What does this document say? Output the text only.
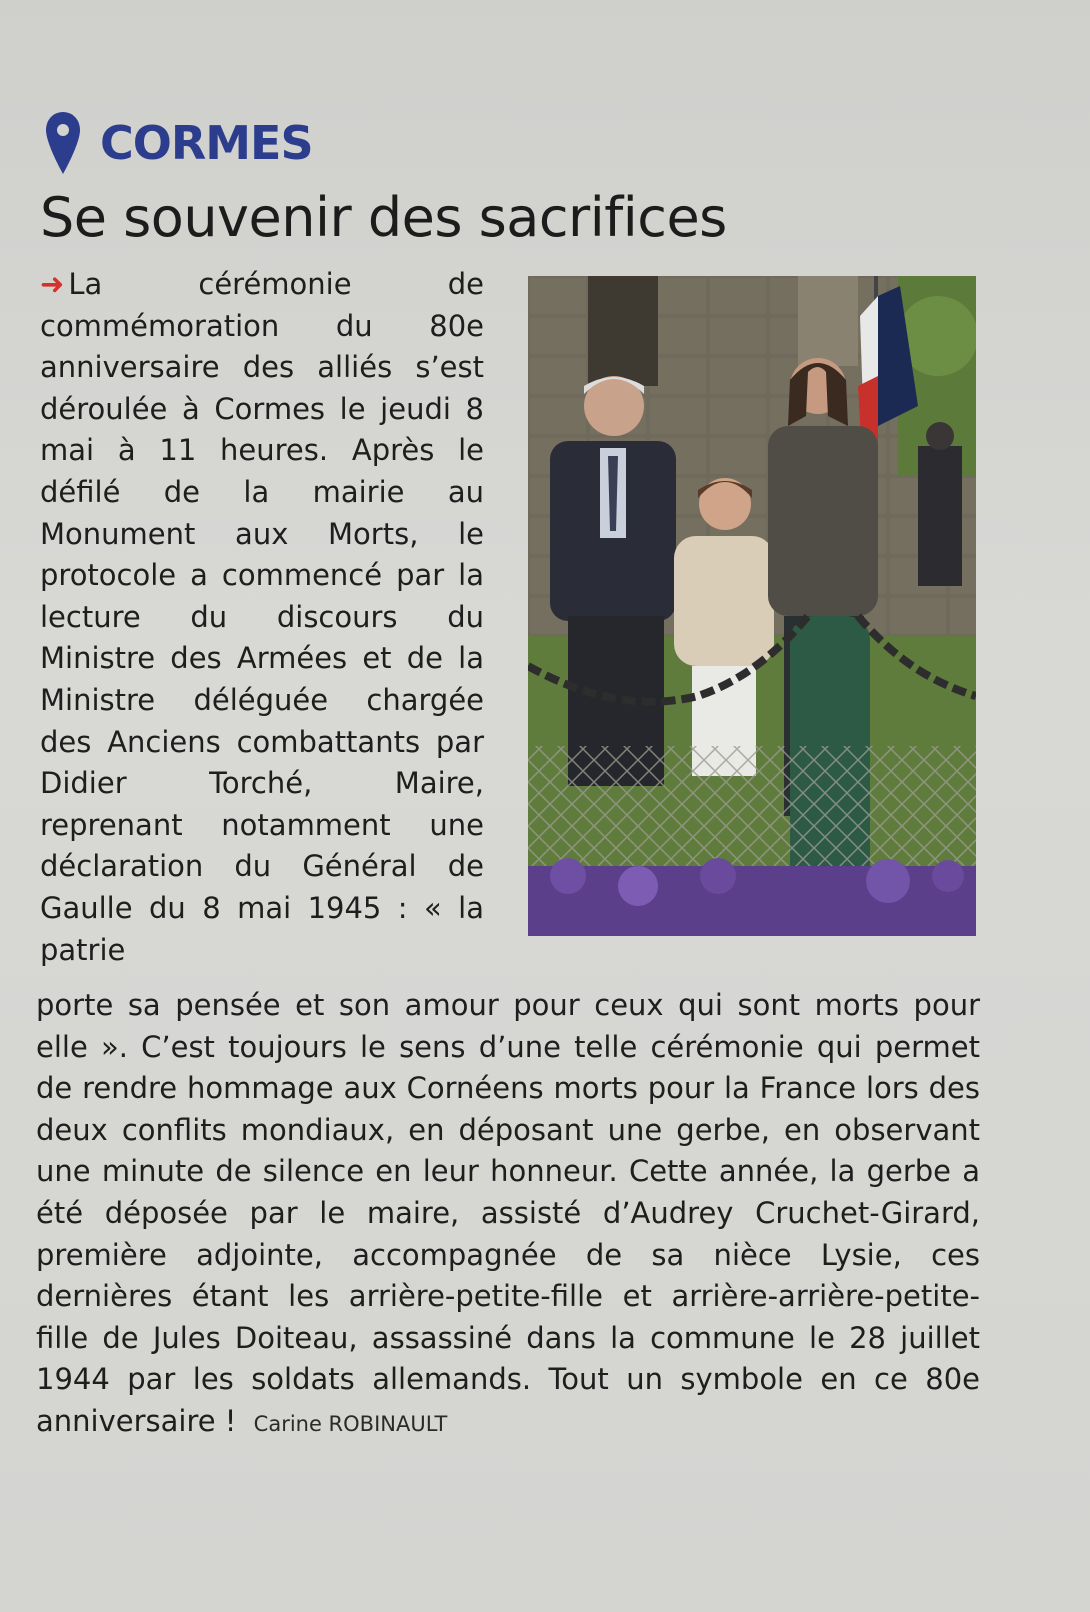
CORMES
Se souvenir des sacrifices
➜ La cérémonie de commémoration du 80e anniversaire des alliés s’est déroulée à Cormes le jeudi 8 mai à 11 heures. Après le défilé de la mairie au Monument aux Morts, le protocole a commencé par la lecture du discours du Ministre des Armées et de la Ministre déléguée chargée des Anciens combattants par Didier Torché, Maire, reprenant notamment une déclaration du Général de Gaulle du 8 mai 1945 : « la patrie
porte sa pensée et son amour pour ceux qui sont morts pour elle ». C’est toujours le sens d’une telle cérémonie qui permet de rendre hommage aux Cornéens morts pour la France lors des deux conflits mondiaux, en déposant une gerbe, en observant une minute de silence en leur honneur. Cette année, la gerbe a été déposée par le maire, assisté d’Audrey Cruchet-Girard, première adjointe, accompagnée de sa nièce Lysie, ces dernières étant les arrière-petite-fille et arrière-arrière-petite-fille de Jules Doiteau, assassiné dans la commune le 28 juillet 1944 par les soldats allemands. Tout un symbole en ce 80e anniversaire ! Carine ROBINAULT
